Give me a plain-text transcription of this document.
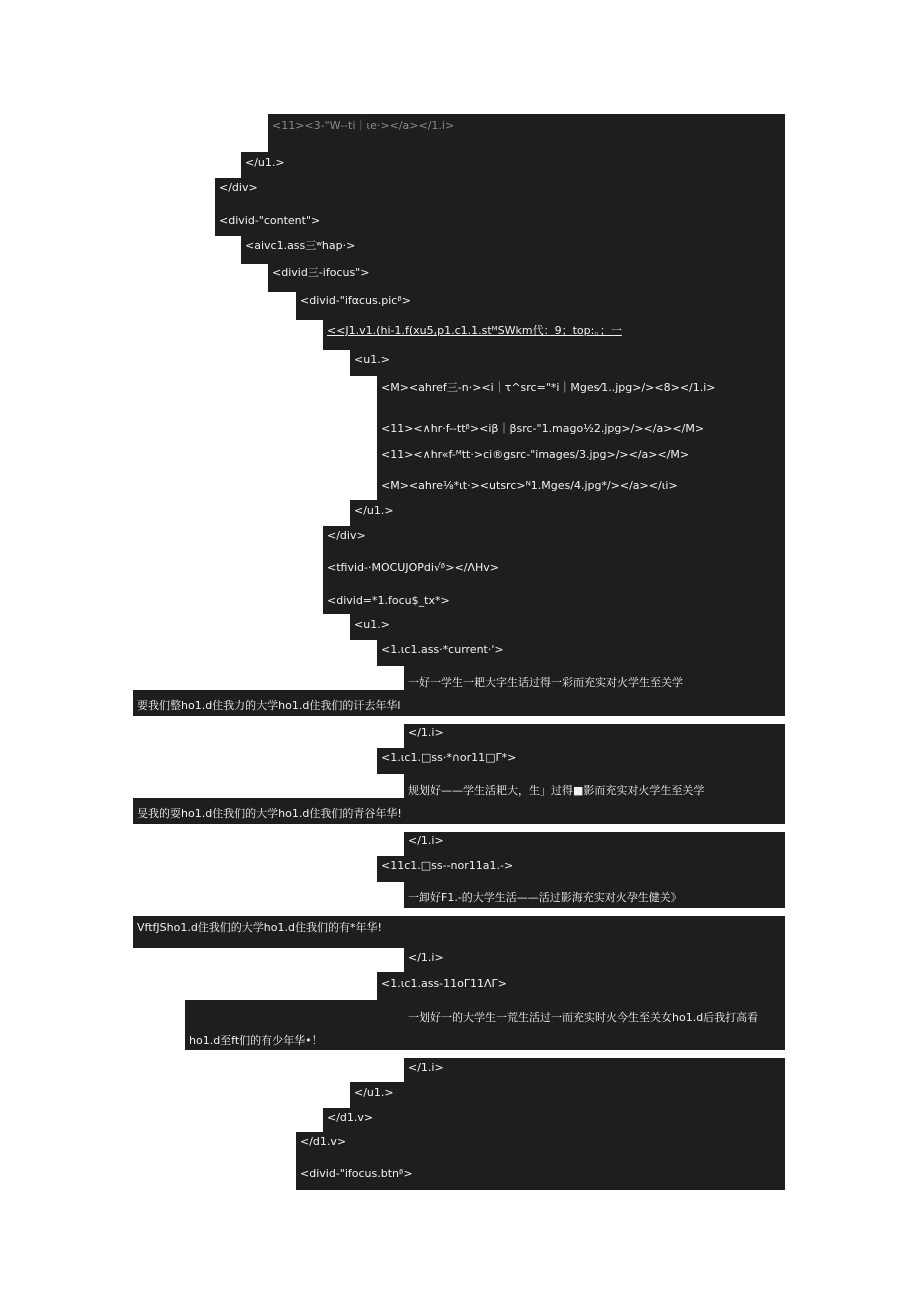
<11><3-"W--ti｜ιe·></a></1.i>
</u1.>
</div>
<divid-"content">
<aivc1.ass三ʷhap·>
<divid三-ifocus">
<divid-"ifαcus.picᵝ>
<<J1.v1.(hi-1.f(xu5,p1.c1.1.stᴹSWkm代：9；top:。；一
<u1.>
<M><ahref三-n·><i｜τ^src="*i｜Mges⁄1..jpg>/><8></1.i>
<11><∧hr·f--ttᵝ><iβ｜βsrc-"1.mago⅟₂2.jpg>/></a></M>
<11><∧hr«f-ᴹtt·>ci®gsrc-"images/3.jpg>/></a></M>
<M><ahre⅛*ιt·><utsrc>ᴺ1.Mges/4.jpg*/></a></ιi>
</u1.>
</div>
<tfivid-·MOCUJOPdi√ᵝ></ΛHv>
<divid=*1.focu$_tx*>
<u1.>
<1.ιc1.ass·*current·'>
一好一学生一耙大字生话过得一彩而充实对火学生至关学
要我们整ho1.d住我力的大学ho1.d住我们的讦去年华l
</1.i>
<1.ιc1.□ss·*∩or11□Γ*>
规划好——学生活耙大，生」过得■影而充实对火学生至关学
旻我的耍ho1.d住我们的大学ho1.d住我们的青谷年华!
</1.i>
<11c1.□ss--nor11a1.->
一卸好F1.-的大学生活——活过影海充实对火孕生健关》
VftfJSho1.d住我们的大学ho1.d住我们的有*年华!
</1.i>
<1.ιc1.ass-11οΓ11ΛΓ>
一划好一的大学生一荒生活过一而充实时火今生至关女ho1.d后我打高看
ho1.d至ft们的有少年华•！
</1.i>
</u1.>
</d1.v>
</d1.v>
<divid-"ifocus.btnᵝ>
